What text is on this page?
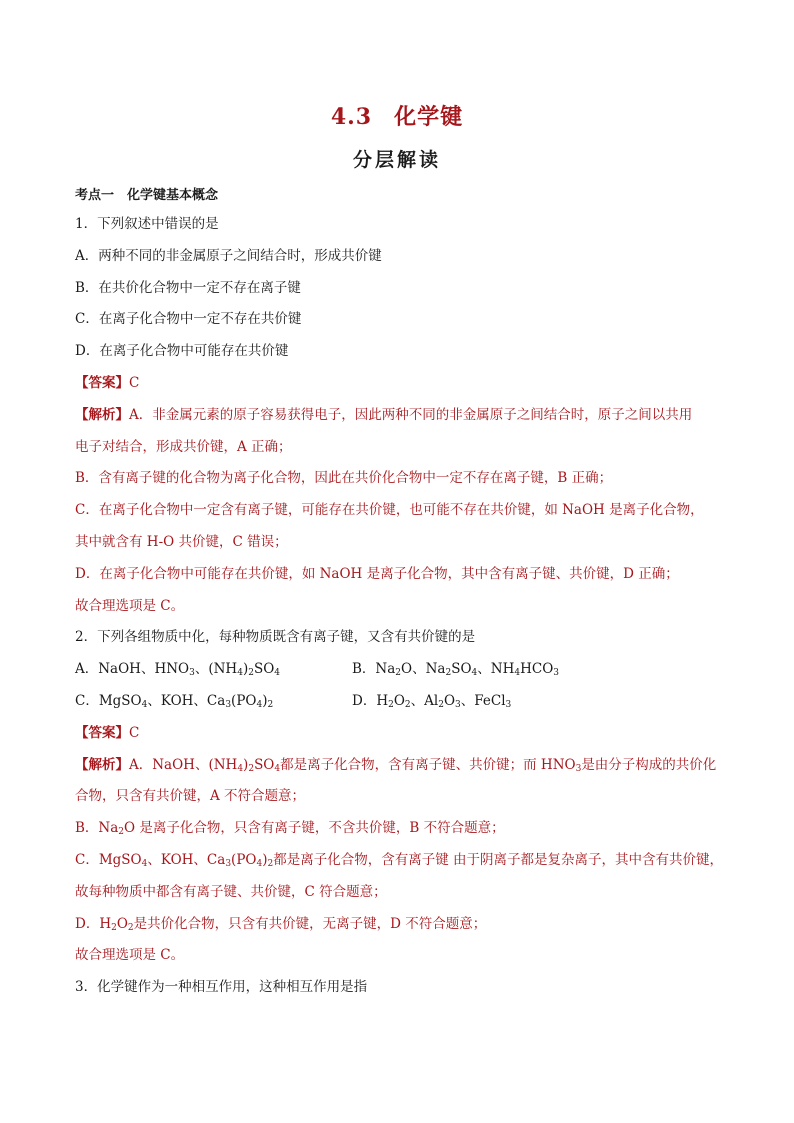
4.3 化学键
分层解读
考点一　化学键基本概念
1．下列叙述中错误的是
A．两种不同的非金属原子之间结合时，形成共价键
B．在共价化合物中一定不存在离子键
C．在离子化合物中一定不存在共价键
D．在离子化合物中可能存在共价键
【答案】C
【解析】A．非金属元素的原子容易获得电子，因此两种不同的非金属原子之间结合时，原子之间以共用
电子对结合，形成共价键，A 正确；
B．含有离子键的化合物为离子化合物，因此在共价化合物中一定不存在离子键，B 正确；
C．在离子化合物中一定含有离子键，可能存在共价键，也可能不存在共价键，如 NaOH 是离子化合物，
其中就含有 H-O 共价键，C 错误；
D．在离子化合物中可能存在共价键，如 NaOH 是离子化合物，其中含有离子键、共价键，D 正确；
故合理选项是 C。
2．下列各组物质中化，每种物质既含有离子键，又含有共价键的是
A．NaOH、$HNO_3$、$(NH_4)_2SO_4$	B．$Na_2O$、$Na_2SO_4$、$NH_4HCO_3$
C．MgSO$_4$、KOH、$Ca_3(PO_4)_2$	D．$H_2O_2$、$Al_2O_3$、FeCl$_3$
【答案】C
【解析】A．NaOH、$(NH_4)_2SO_4$都是离子化合物，含有离子键、共价键；而 $HNO_3$是由分子构成的共价化
合物，只含有共价键，A 不符合题意；
B．$Na_2O$ 是离子化合物，只含有离子键，不含共价键，B 不符合题意；
C．MgSO$_4$、KOH、$Ca_3(PO_4)_2$都是离子化合物，含有离子键 由于阴离子都是复杂离子，其中含有共价键，
故每种物质中都含有离子键、共价键，C 符合题意；
D．$H_2O_2$是共价化合物，只含有共价键，无离子键，D 不符合题意；
故合理选项是 C。
3．化学键作为一种相互作用，这种相互作用是指
